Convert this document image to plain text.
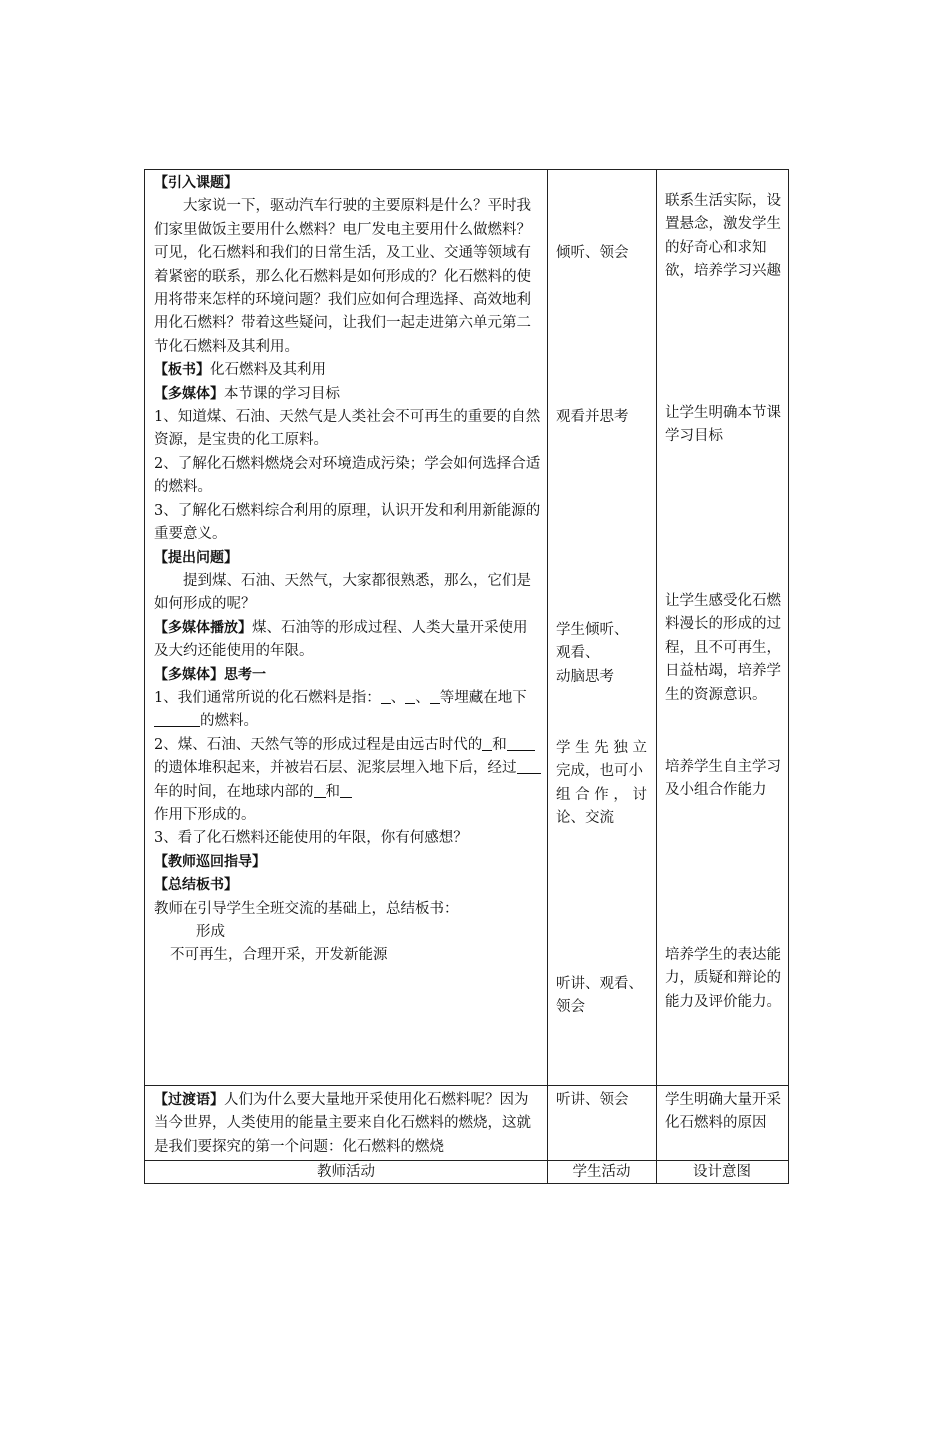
【引入课题】

大家说一下，驱动汽车行驶的主要原料是什么？平时我们家里做饭主要用什么燃料？电厂发电主要用什么做燃料？可见，化石燃料和我们的日常生活，及工业、交通等领域有着紧密的联系，那么化石燃料是如何形成的？化石燃料的使用将带来怎样的环境问题？我们应如何合理选择、高效地利用化石燃料？带着这些疑问，让我们一起走进第六单元第二节化石燃料及其利用。

【板书】化石燃料及其利用

【多媒体】本节课的学习目标

1、知道煤、石油、天然气是人类社会不可再生的重要的自然资源，是宝贵的化工原料。

2、了解化石燃料燃烧会对环境造成污染；学会如何选择合适的燃料。

3、了解化石燃料综合利用的原理，认识开发和利用新能源的重要意义。

【提出问题】

提到煤、石油、天然气，大家都很熟悉，那么，它们是如何形成的呢？

【多媒体播放】煤、石油等的形成过程、人类大量开采使用及大约还能使用的年限。

【多媒体】思考一

1、我们通常所说的化石燃料是指： 、 、 等埋藏在地下的燃料。

2、煤、石油、天然气等的形成过程是由远古时代的 和的遗体堆积起来，并被岩石层、泥浆层埋入地下后，经过年的时间，在地球内部的 和
作用下形成的。

3、看了化石燃料还能使用的年限，你有何感想？

【教师巡回指导】

【总结板书】

教师在引导学生全班交流的基础上，总结板书：

形成

不可再生，合理开采，开发新能源

【过渡语】人们为什么要大量地开采使用化石燃料呢？因为当今世界，人类使用的能量主要来自化石燃料的燃烧，这就是我们要探究的第一个问题：化石燃料的燃烧

倾听、领会
观看并思考

学生倾听、

观看、

动脑思考

学生先独立

完成，也可小

组合作，讨

论、交流

听讲、观看、

领会

听讲、领会
联系生活实际，设置悬念，激发学生的好奇心和求知欲，培养学习兴趣
让学生明确本节课学习目标
让学生感受化石燃料漫长的形成的过程，且不可再生，日益枯竭，培养学生的资源意识。
培养学生自主学习及小组合作能力
培养学生的表达能力，质疑和辩论的能力及评价能力。
学生明确大量开采化石燃料的原因
教师活动	学生活动	设计意图
